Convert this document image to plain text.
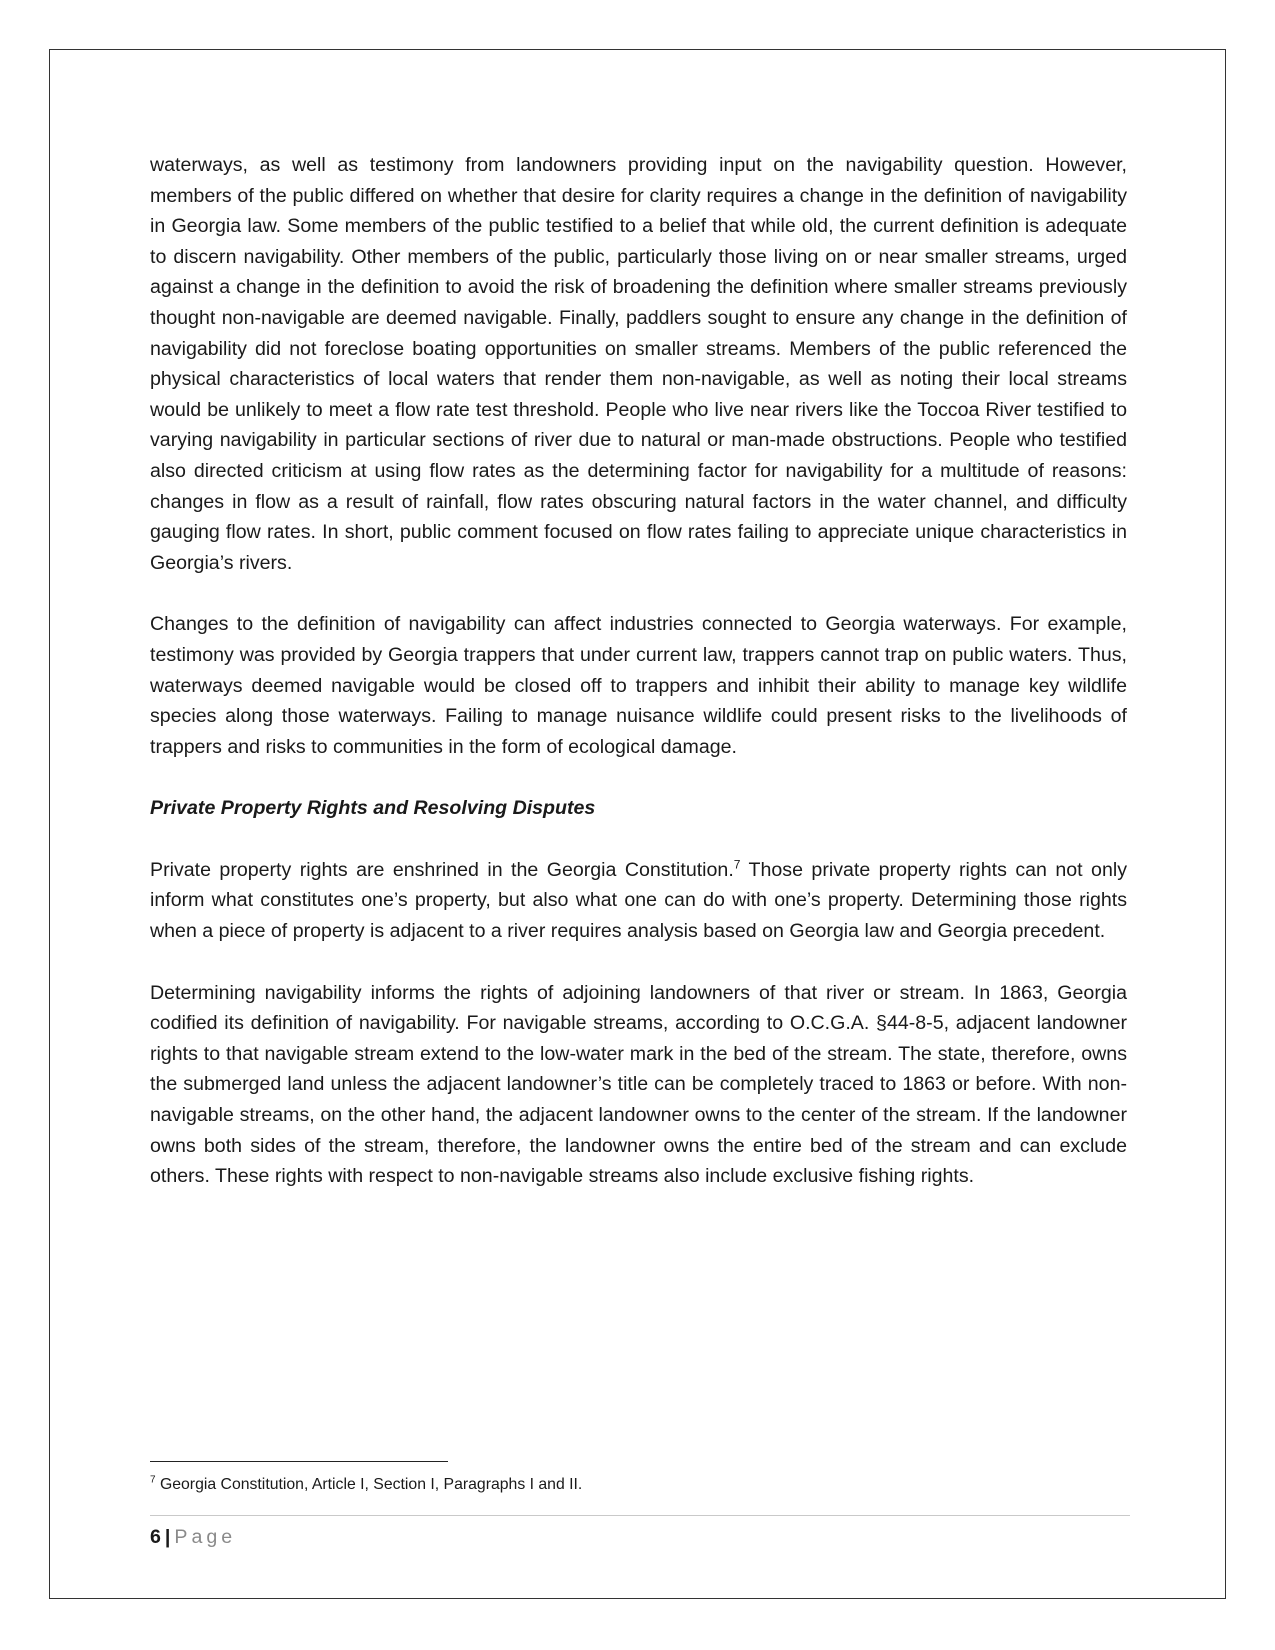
waterways, as well as testimony from landowners providing input on the navigability question. However, members of the public differed on whether that desire for clarity requires a change in the definition of navigability in Georgia law. Some members of the public testified to a belief that while old, the current definition is adequate to discern navigability. Other members of the public, particularly those living on or near smaller streams, urged against a change in the definition to avoid the risk of broadening the definition where smaller streams previously thought non-navigable are deemed navigable. Finally, paddlers sought to ensure any change in the definition of navigability did not foreclose boating opportunities on smaller streams. Members of the public referenced the physical characteristics of local waters that render them non-navigable, as well as noting their local streams would be unlikely to meet a flow rate test threshold. People who live near rivers like the Toccoa River testified to varying navigability in particular sections of river due to natural or man-made obstructions. People who testified also directed criticism at using flow rates as the determining factor for navigability for a multitude of reasons: changes in flow as a result of rainfall, flow rates obscuring natural factors in the water channel, and difficulty gauging flow rates. In short, public comment focused on flow rates failing to appreciate unique characteristics in Georgia’s rivers.

Changes to the definition of navigability can affect industries connected to Georgia waterways. For example, testimony was provided by Georgia trappers that under current law, trappers cannot trap on public waters. Thus, waterways deemed navigable would be closed off to trappers and inhibit their ability to manage key wildlife species along those waterways. Failing to manage nuisance wildlife could present risks to the livelihoods of trappers and risks to communities in the form of ecological damage.

Private Property Rights and Resolving Disputes

Private property rights are enshrined in the Georgia Constitution.$^7$ Those private property rights can not only inform what constitutes one’s property, but also what one can do with one’s property. Determining those rights when a piece of property is adjacent to a river requires analysis based on Georgia law and Georgia precedent.

Determining navigability informs the rights of adjoining landowners of that river or stream. In 1863, Georgia codified its definition of navigability. For navigable streams, according to O.C.G.A. §44-8-5, adjacent landowner rights to that navigable stream extend to the low-water mark in the bed of the stream. The state, therefore, owns the submerged land unless the adjacent landowner’s title can be completely traced to 1863 or before. With non-navigable streams, on the other hand, the adjacent landowner owns to the center of the stream. If the landowner owns both sides of the stream, therefore, the landowner owns the entire bed of the stream and can exclude others. These rights with respect to non-navigable streams also include exclusive fishing rights.

$^7$ Georgia Constitution, Article I, Section I, Paragraphs I and II.
6 | Page
